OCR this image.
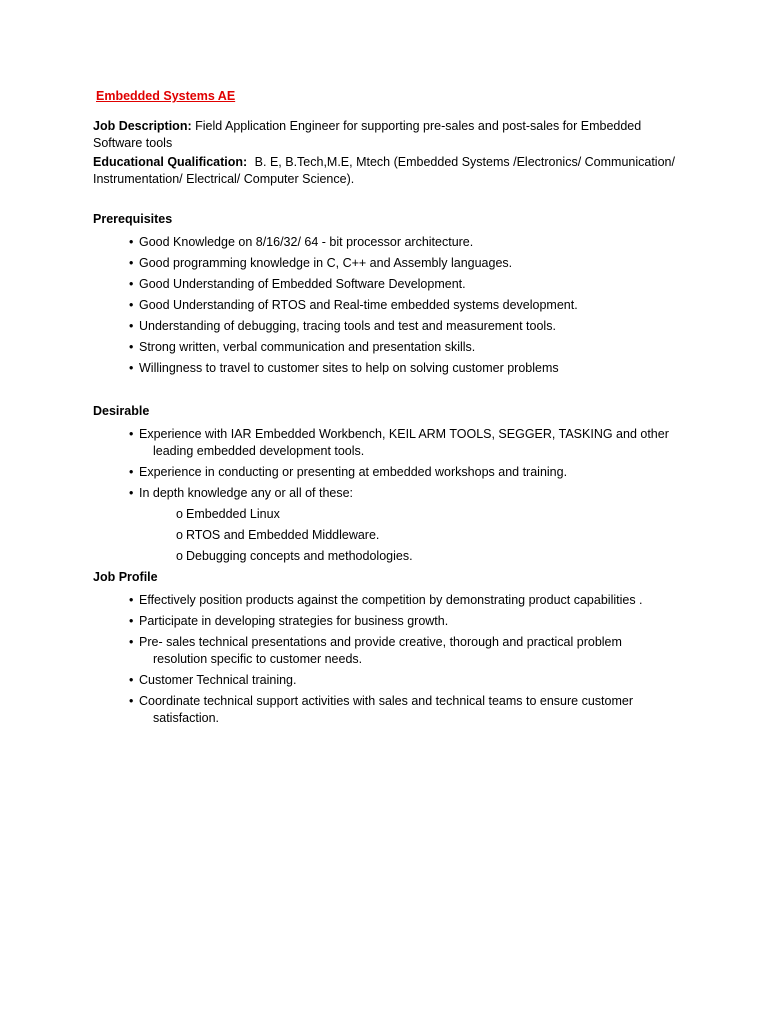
Embedded Systems AE
Job Description: Field Application Engineer for supporting pre-sales and post-sales for Embedded
Software tools
Educational Qualification: B. E, B.Tech,M.E, Mtech (Embedded Systems /Electronics/ Communication/
Instrumentation/ Electrical/ Computer Science).
Prerequisites
• Good Knowledge on 8/16/32/ 64 - bit processor architecture.
• Good programming knowledge in C, C++ and Assembly languages.
• Good Understanding of Embedded Software Development.
• Good Understanding of RTOS and Real-time embedded systems development.
• Understanding of debugging, tracing tools and test and measurement tools.
• Strong written, verbal communication and presentation skills.
• Willingness to travel to customer sites to help on solving customer problems
Desirable
• Experience with IAR Embedded Workbench, KEIL ARM TOOLS, SEGGER, TASKING and other
leading embedded development tools.
• Experience in conducting or presenting at embedded workshops and training.
• In depth knowledge any or all of these:
o Embedded Linux
o RTOS and Embedded Middleware.
o Debugging concepts and methodologies.
Job Profile
• Effectively position products against the competition by demonstrating product capabilities .
• Participate in developing strategies for business growth.
• Pre- sales technical presentations and provide creative, thorough and practical problem
resolution specific to customer needs.
• Customer Technical training.
• Coordinate technical support activities with sales and technical teams to ensure customer
satisfaction.
